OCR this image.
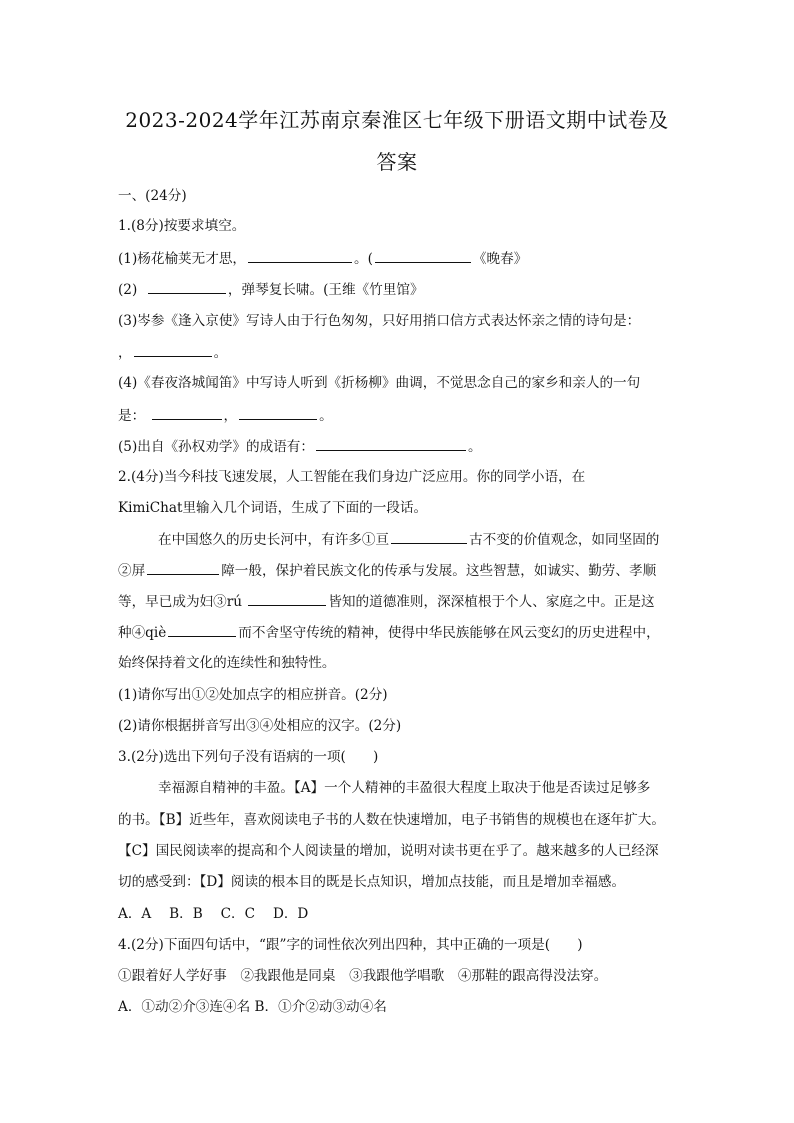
2023-2024学年江苏南京秦淮区七年级下册语文期中试卷及
答案
一、(24分)
1.(8分)按要求填空。
(1)杨花榆荚无才思，	。(	《晚春》
(2)	，弹琴复长啸。(王维《竹里馆》
(3)岑参《逢入京使》写诗人由于行色匆匆，只好用捎口信方式表达怀亲之情的诗句是：
，	。
(4)《春夜洛城闻笛》中写诗人听到《折杨柳》曲调，不觉思念自己的家乡和亲人的一句
是：	，	。
(5)出自《孙权劝学》的成语有：	。
2.(4分)当今科技飞速发展，人工智能在我们身边广泛应用。你的同学小语，在
KimiChat里输入几个词语，生成了下面的一段话。
在中国悠久的历史长河中，有许多①亘	古不变的价值观念，如同坚固的
②屏	障一般，保护着民族文化的传承与发展。这些智慧，如诚实、勤劳、孝顺
等，早已成为妇③rú	皆知的道德准则，深深植根于个人、家庭之中。正是这
种④qiè	而不舍坚守传统的精神，使得中华民族能够在风云变幻的历史进程中，
始终保持着文化的连续性和独特性。
(1)请你写出①②处加点字的相应拼音。(2分)
(2)请你根据拼音写出③④处相应的汉字。(2分)
3.(2分)选出下列句子没有语病的一项(　　)
幸福源自精神的丰盈。【A】一个人精神的丰盈很大程度上取决于他是否读过足够多
的书。【B】近些年，喜欢阅读电子书的人数在快速增加，电子书销售的规模也在逐年扩大。
【C】国民阅读率的提高和个人阅读量的增加，说明对读书更在乎了。越来越多的人已经深
切的感受到：【D】阅读的根本目的既是长点知识，增加点技能，而且是增加幸福感。
A．A　 B．B　 C．C　 D．D
4.(2分)下面四句话中，“跟”字的词性依次列出四种，其中正确的一项是(　　)
①跟着好人学好事　②我跟他是同桌　③我跟他学唱歌　④那鞋的跟高得没法穿。
A．①动②介③连④名 B．①介②动③动④名
